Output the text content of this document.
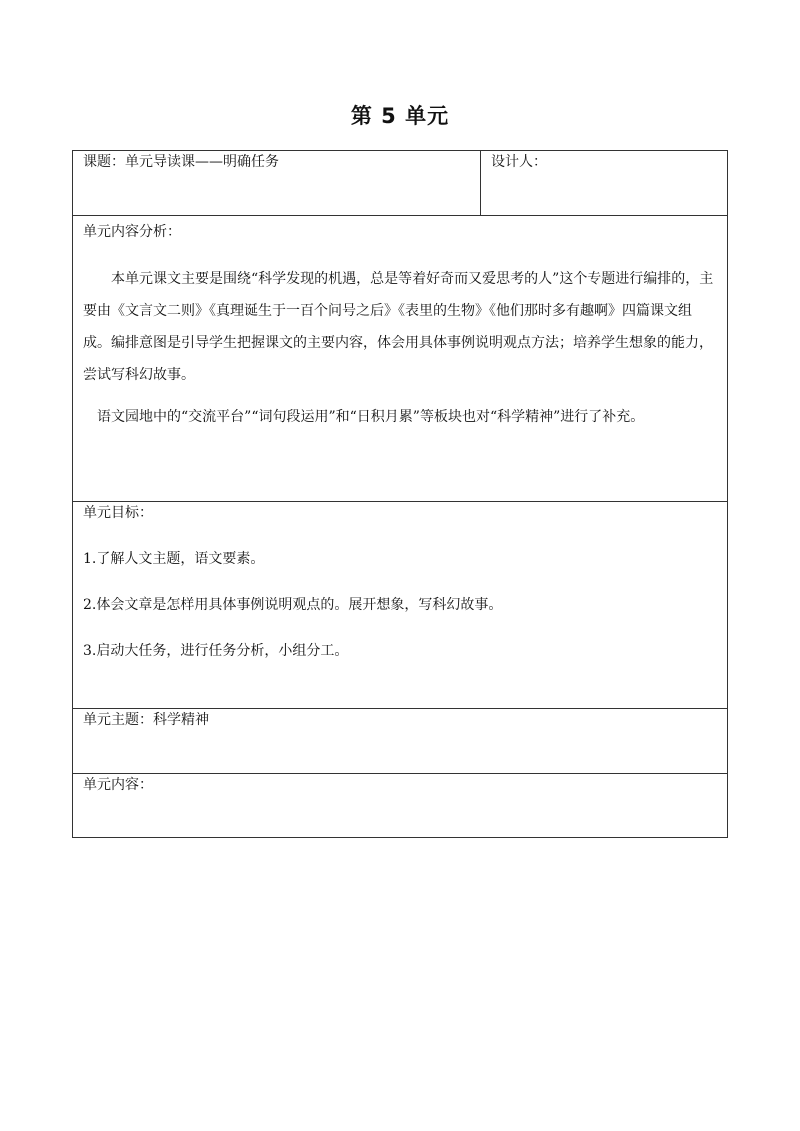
第 5 单元
课题：单元导读课——明确任务	设计人：

单元内容分析：

本单元课文主要是围绕“科学发现的机遇，总是等着好奇而又爱思考的人”这个专题进行编排的，主要由《文言文二则》《真理诞生于一百个问号之后》《表里的生物》《他们那时多有趣啊》四篇课文组成。编排意图是引导学生把握课文的主要内容，体会用具体事例说明观点方法；培养学生想象的能力，尝试写科幻故事。

语文园地中的“交流平台”“词句段运用”和“日积月累”等板块也对“科学精神”进行了补充。

单元目标：

1.了解人文主题，语文要素。

2.体会文章是怎样用具体事例说明观点的。展开想象，写科幻故事。

3.启动大任务，进行任务分析，小组分工。

单元主题：科学精神
单元内容：
